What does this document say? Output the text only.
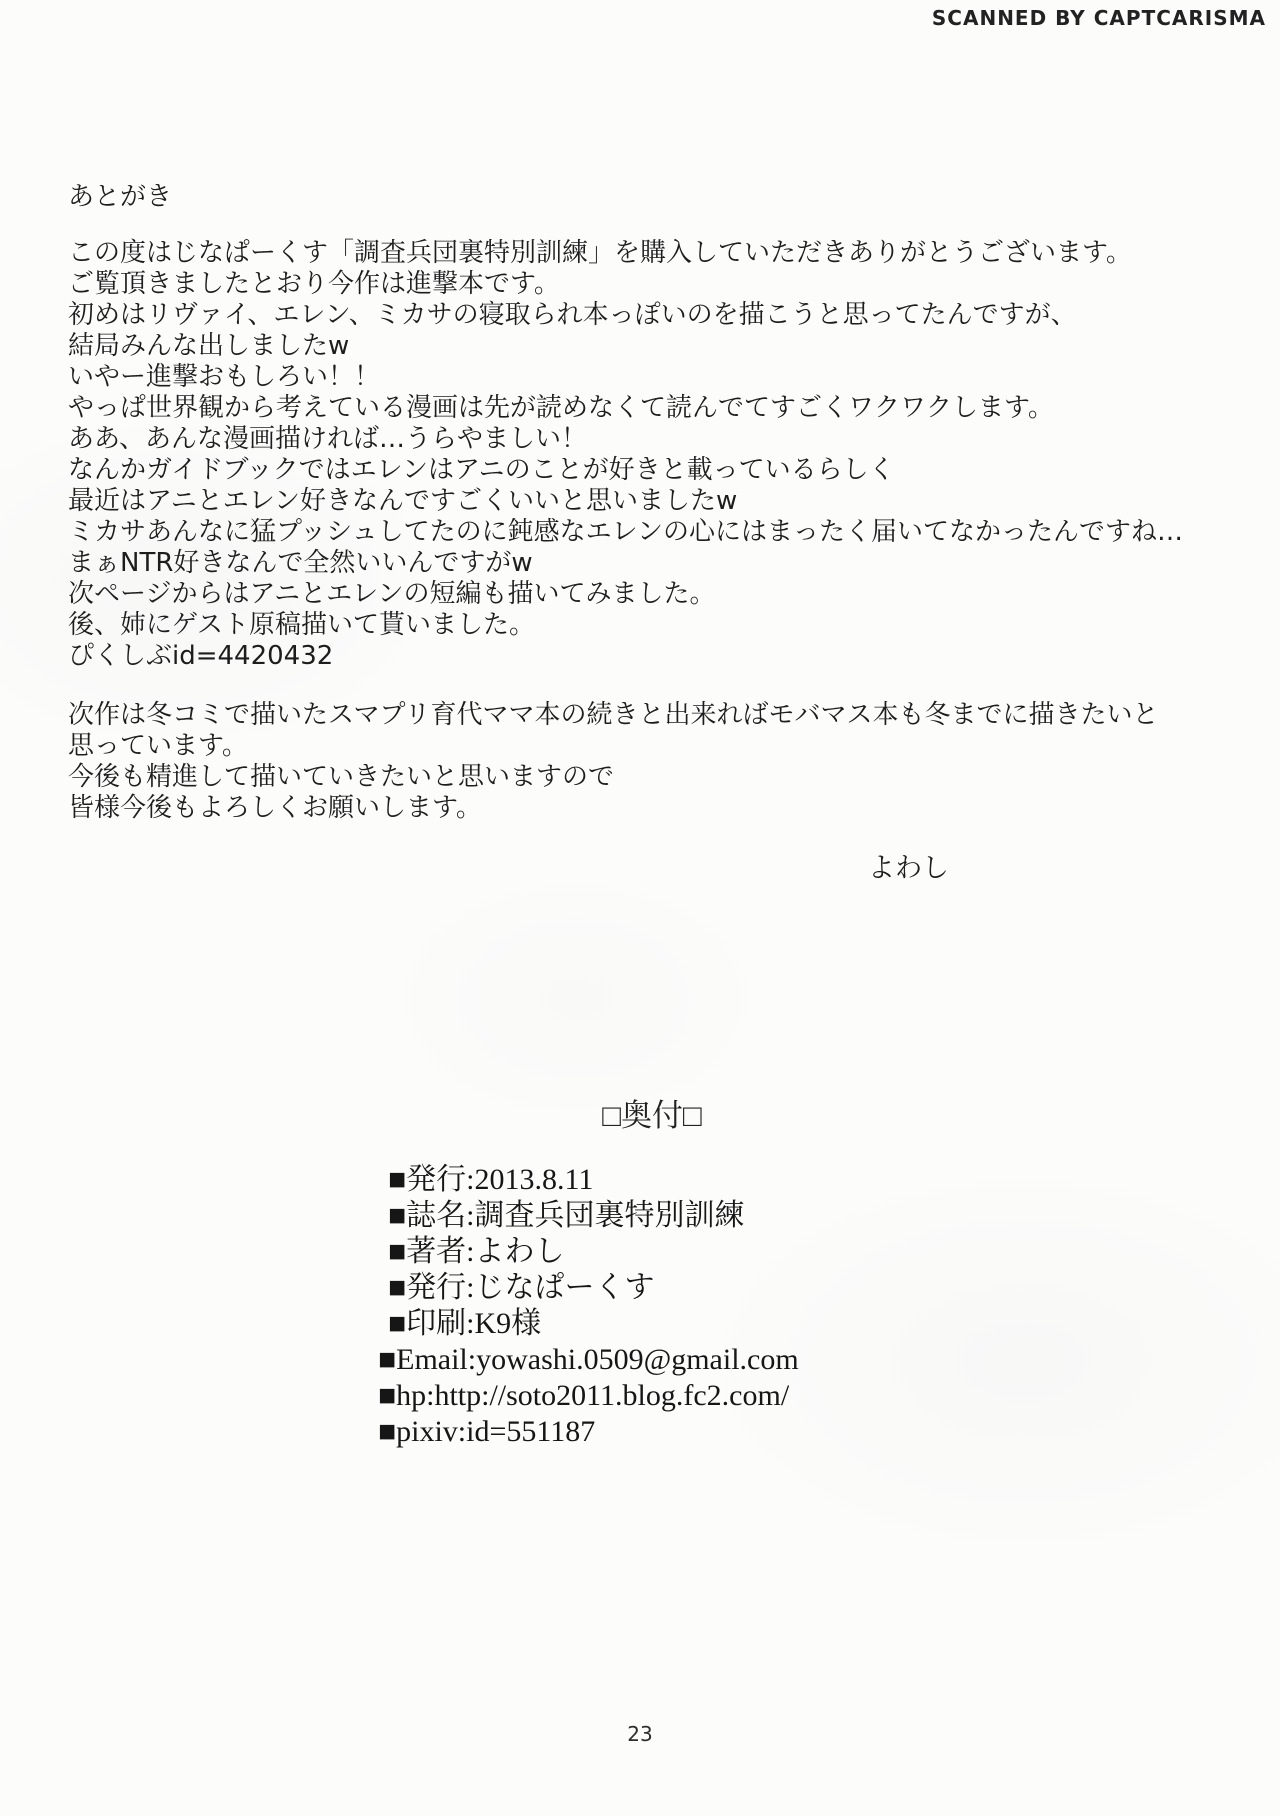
SCANNED BY CAPTCARISMA
あとがき
この度はじなぱーくす「調査兵団裏特別訓練」を購入していただきありがとうございます。
ご覧頂きましたとおり今作は進撃本です。
初めはリヴァイ、エレン、ミカサの寝取られ本っぽいのを描こうと思ってたんですが、
結局みんな出しましたw
いやー進撃おもしろい！！
やっぱ世界観から考えている漫画は先が読めなくて読んでてすごくワクワクします。
ああ、あんな漫画描ければ…うらやましい！
なんかガイドブックではエレンはアニのことが好きと載っているらしく
最近はアニとエレン好きなんですごくいいと思いましたw
ミカサあんなに猛プッシュしてたのに鈍感なエレンの心にはまったく届いてなかったんですね…
まぁNTR好きなんで全然いいんですがw
次ページからはアニとエレンの短編も描いてみました。
後、姉にゲスト原稿描いて貰いました。
ぴくしぶid=4420432
次作は冬コミで描いたスマプリ育代ママ本の続きと出来ればモバマス本も冬までに描きたいと
思っています。
今後も精進して描いていきたいと思いますので
皆様今後もよろしくお願いします。
よわし
□奥付□
■発行:2013.8.11
■誌名:調査兵団裏特別訓練
■著者:よわし
■発行:じなぱーくす
■印刷:K9様
■Email:yowashi.0509@gmail.com
■hp:http://soto2011.blog.fc2.com/
■pixiv:id=551187
23
